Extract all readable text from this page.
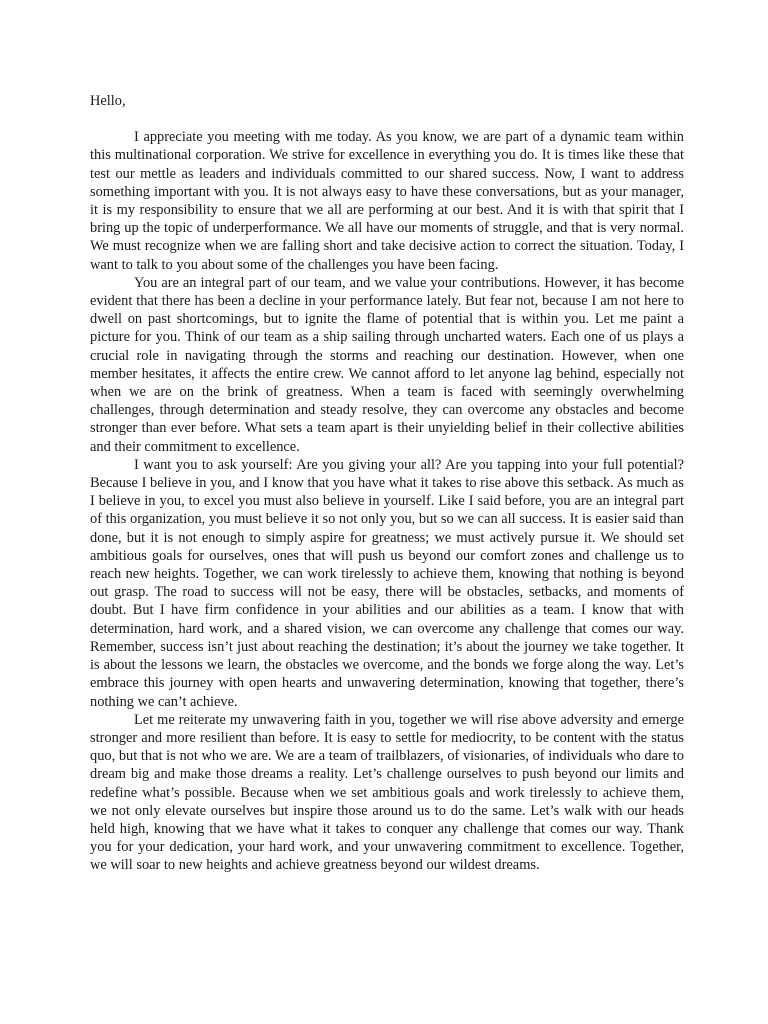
Hello,

I appreciate you meeting with me today. As you know, we are part of a dynamic team within this multinational corporation. We strive for excellence in everything you do. It is times like these that test our mettle as leaders and individuals committed to our shared success. Now, I want to address something important with you. It is not always easy to have these conversations, but as your manager, it is my responsibility to ensure that we all are performing at our best. And it is with that spirit that I bring up the topic of underperformance. We all have our moments of struggle, and that is very normal. We must recognize when we are falling short and take decisive action to correct the situation. Today, I want to talk to you about some of the challenges you have been facing.

You are an integral part of our team, and we value your contributions. However, it has become evident that there has been a decline in your performance lately. But fear not, because I am not here to dwell on past shortcomings, but to ignite the flame of potential that is within you. Let me paint a picture for you. Think of our team as a ship sailing through uncharted waters. Each one of us plays a crucial role in navigating through the storms and reaching our destination. However, when one member hesitates, it affects the entire crew. We cannot afford to let anyone lag behind, especially not when we are on the brink of greatness. When a team is faced with seemingly overwhelming challenges, through determination and steady resolve, they can overcome any obstacles and become stronger than ever before. What sets a team apart is their unyielding belief in their collective abilities and their commitment to excellence.

I want you to ask yourself: Are you giving your all? Are you tapping into your full potential? Because I believe in you, and I know that you have what it takes to rise above this setback. As much as I believe in you, to excel you must also believe in yourself. Like I said before, you are an integral part of this organization, you must believe it so not only you, but so we can all success. It is easier said than done, but it is not enough to simply aspire for greatness; we must actively pursue it. We should set ambitious goals for ourselves, ones that will push us beyond our comfort zones and challenge us to reach new heights. Together, we can work tirelessly to achieve them, knowing that nothing is beyond out grasp. The road to success will not be easy, there will be obstacles, setbacks, and moments of doubt. But I have firm confidence in your abilities and our abilities as a team. I know that with determination, hard work, and a shared vision, we can overcome any challenge that comes our way. Remember, success isn’t just about reaching the destination; it’s about the journey we take together. It is about the lessons we learn, the obstacles we overcome, and the bonds we forge along the way. Let’s embrace this journey with open hearts and unwavering determination, knowing that together, there’s nothing we can’t achieve.

Let me reiterate my unwavering faith in you, together we will rise above adversity and emerge stronger and more resilient than before. It is easy to settle for mediocrity, to be content with the status quo, but that is not who we are. We are a team of trailblazers, of visionaries, of individuals who dare to dream big and make those dreams a reality. Let’s challenge ourselves to push beyond our limits and redefine what’s possible. Because when we set ambitious goals and work tirelessly to achieve them, we not only elevate ourselves but inspire those around us to do the same. Let’s walk with our heads held high, knowing that we have what it takes to conquer any challenge that comes our way. Thank you for your dedication, your hard work, and your unwavering commitment to excellence. Together, we will soar to new heights and achieve greatness beyond our wildest dreams.
